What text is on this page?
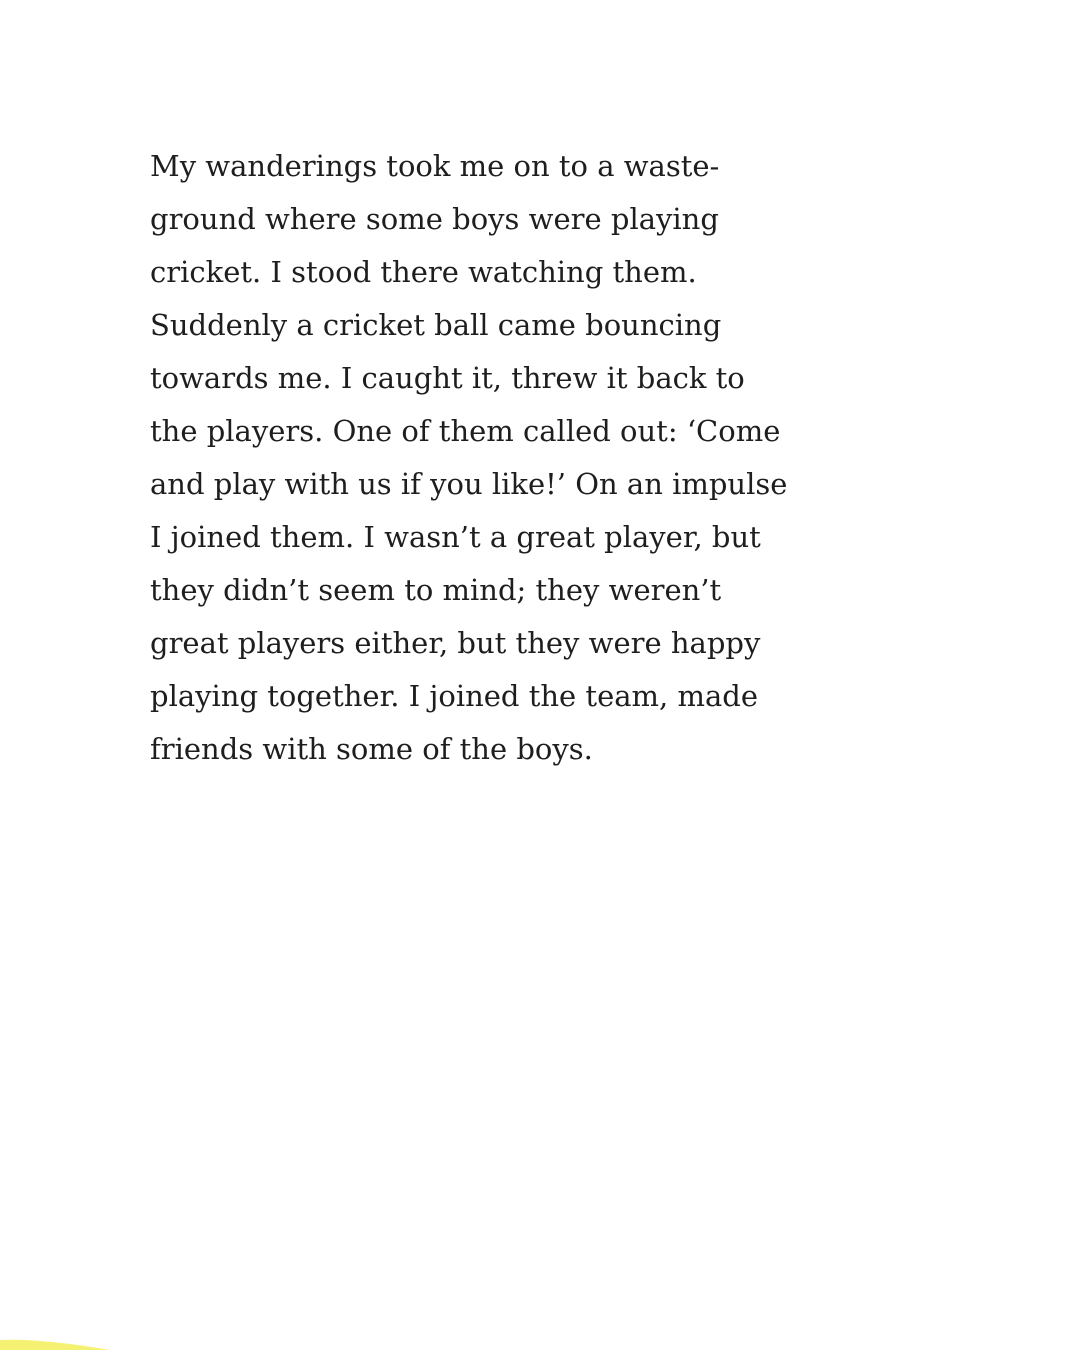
My wanderings took me on to a waste-
ground where some boys were playing
cricket. I stood there watching them.
Suddenly a cricket ball came bouncing
towards me. I caught it, threw it back to
the players. One of them called out: ‘Come
and play with us if you like!’ On an impulse
I joined them. I wasn’t a great player, but
they didn’t seem to mind; they weren’t
great players either, but they were happy
playing together. I joined the team, made
friends with some of the boys.
